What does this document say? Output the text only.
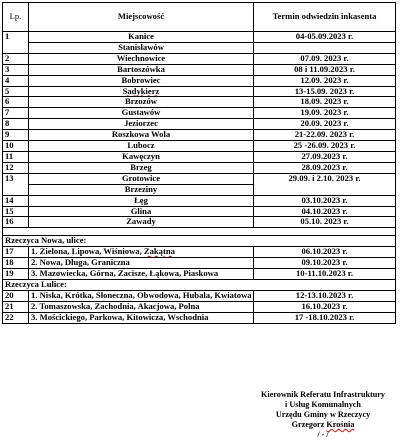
Lp.	Miejscowość	Termin odwiedzin inkasenta
1	Kanice	04-05.09.2023 r.
	Stanisławów	
2	Wiechnowice	07.09. 2023 r.
3	Bartoszówka	08 i 11.09.2023 r.
4	Bobrowiec	12.09. 2023 r.
5	Sadykierz	13-15.09. 2023 r.
6	Brzozów	18.09. 2023 r.
7	Gustawów	19.09. 2023 r.
8	Jeziorzec	20.09. 2023 r.
9	Roszkowa Wola	21-22.09. 2023 r.
10	Lubocz	25 -26.09. 2023 r.
11	Kawęczyn	27.09.2023 r.
12	Brzeg	28.09.2023 r.
13	Grotowice	29.09. i 2.10. 2023 r.
	Brzeziny	
14	Łęg	03.10.2023 r.
15	Glina	04.10.2023 r.
16	Zawady	05.10. 2023 r.

Rzeczyca Nowa, ulice:		
17	1. Zielona, Lipowa, Wiśniowa, Zakątna	06.10.2023 r.
18	2. Nowa, Długa, Graniczna	09.10.2023 r.
19	3. Mazowiecka, Górna, Zacisze, Łąkowa, Piaskowa	10-11.10.2023 r.
Rzeczyca Lulice:		
20	1. Niska, Krótka, Słoneczna, Obwodowa, Hubala, Kwiatowa	12-13.10.2023 r.
21	2. Tomaszowska, Zachodnia, Akacjowa, Polna	16.10.2023 r.
22	3. Mościckiego, Parkowa, Kitowicza, Wschodnia	17 -18.10.2023 r.
Kierownik Referatu Infrastruktury
i Usług Komunalnych
Urzędu Gminy w Rzeczycy
Grzegorz Krośnia
/ - /
